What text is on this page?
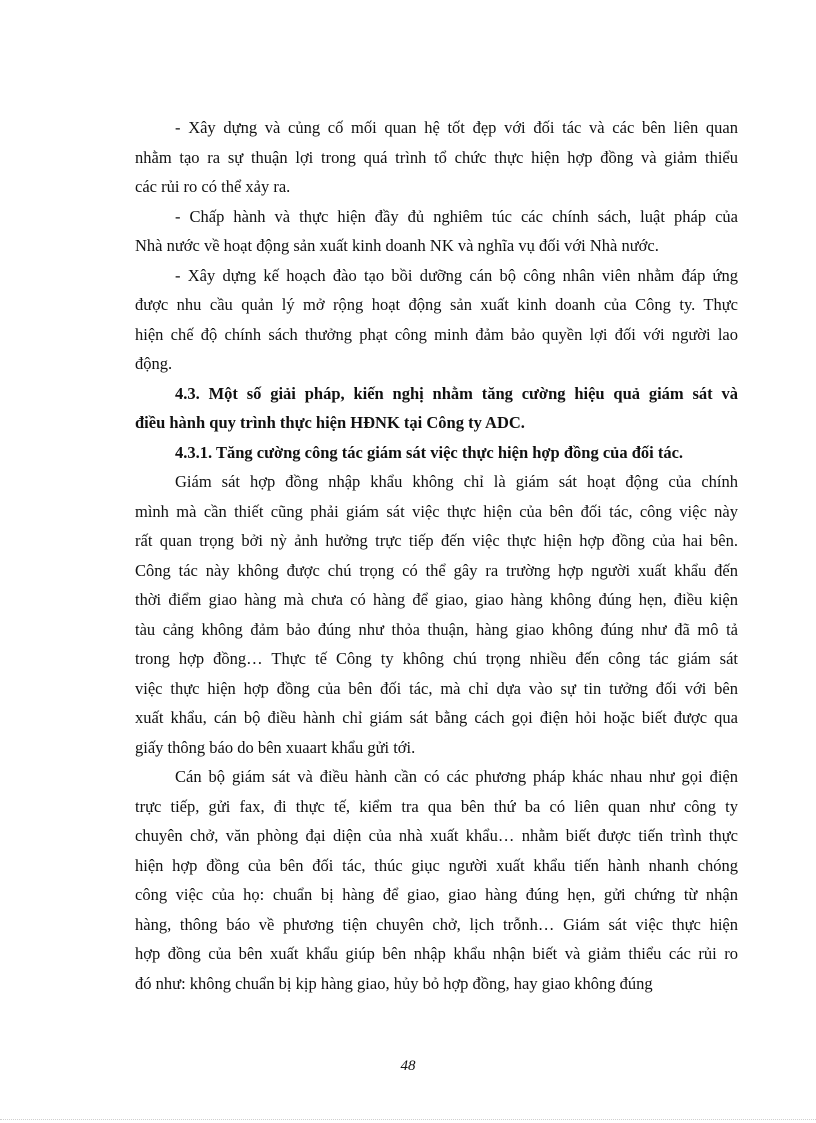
- Xây dựng và củng cố mối quan hệ tốt đẹp với đối tác và các bên liên quan
nhằm tạo ra sự thuận lợi trong quá trình tổ chức thực hiện hợp đồng và giảm thiểu
các rủi ro có thể xảy ra.

- Chấp hành và thực hiện đầy đủ nghiêm túc các chính sách, luật pháp của
Nhà nước về hoạt động sản xuất kinh doanh NK và nghĩa vụ đối với Nhà nước.

- Xây dựng kế hoạch đào tạo bồi dưỡng cán bộ công nhân viên nhằm đáp ứng
được nhu cầu quản lý mở rộng hoạt động sản xuất kinh doanh của Công ty. Thực
hiện chế độ chính sách thưởng phạt công minh đảm bảo quyền lợi đối với người lao
động.

4.3. Một số giải pháp, kiến nghị nhằm tăng cường hiệu quả giám sát và
điều hành quy trình thực hiện HĐNK tại Công ty ADC.

4.3.1. Tăng cường công tác giám sát việc thực hiện hợp đồng của đối tác.

Giám sát hợp đồng nhập khẩu không chỉ là giám sát hoạt động của chính
mình mà cần thiết cũng phải giám sát việc thực hiện của bên đối tác, công việc này
rất quan trọng bởi nỳ ảnh hưởng trực tiếp đến việc thực hiện hợp đồng của hai bên.
Công tác này không được chú trọng có thể gây ra trường hợp người xuất khẩu đến
thời điểm giao hàng mà chưa có hàng để giao, giao hàng không đúng hẹn, điều kiện
tàu cảng không đảm bảo đúng như thỏa thuận, hàng giao không đúng như đã mô tả
trong hợp đồng… Thực tế Công ty không chú trọng nhiều đến công tác giám sát
việc thực hiện hợp đồng của bên đối tác, mà chỉ dựa vào sự tin tưởng đối với bên
xuất khẩu, cán bộ điều hành chỉ giám sát bằng cách gọi điện hỏi hoặc biết được qua
giấy thông báo do bên xuaart khẩu gửi tới.

Cán bộ giám sát và điều hành cần có các phương pháp khác nhau như gọi điện
trực tiếp, gửi fax, đi thực tế, kiểm tra qua bên thứ ba có liên quan như công ty
chuyên chở, văn phòng đại diện của nhà xuất khẩu… nhằm biết được tiến trình thực
hiện hợp đồng của bên đối tác, thúc giục người xuất khẩu tiến hành nhanh chóng
công việc của họ: chuẩn bị hàng để giao, giao hàng đúng hẹn, gửi chứng từ nhận
hàng, thông báo về phương tiện chuyên chở, lịch trỗnh… Giám sát việc thực hiện
hợp đồng của bên xuất khẩu giúp bên nhập khẩu nhận biết và giảm thiểu các rủi ro
đó như: không chuẩn bị kịp hàng giao, hủy bỏ hợp đồng, hay giao không đúng

48
